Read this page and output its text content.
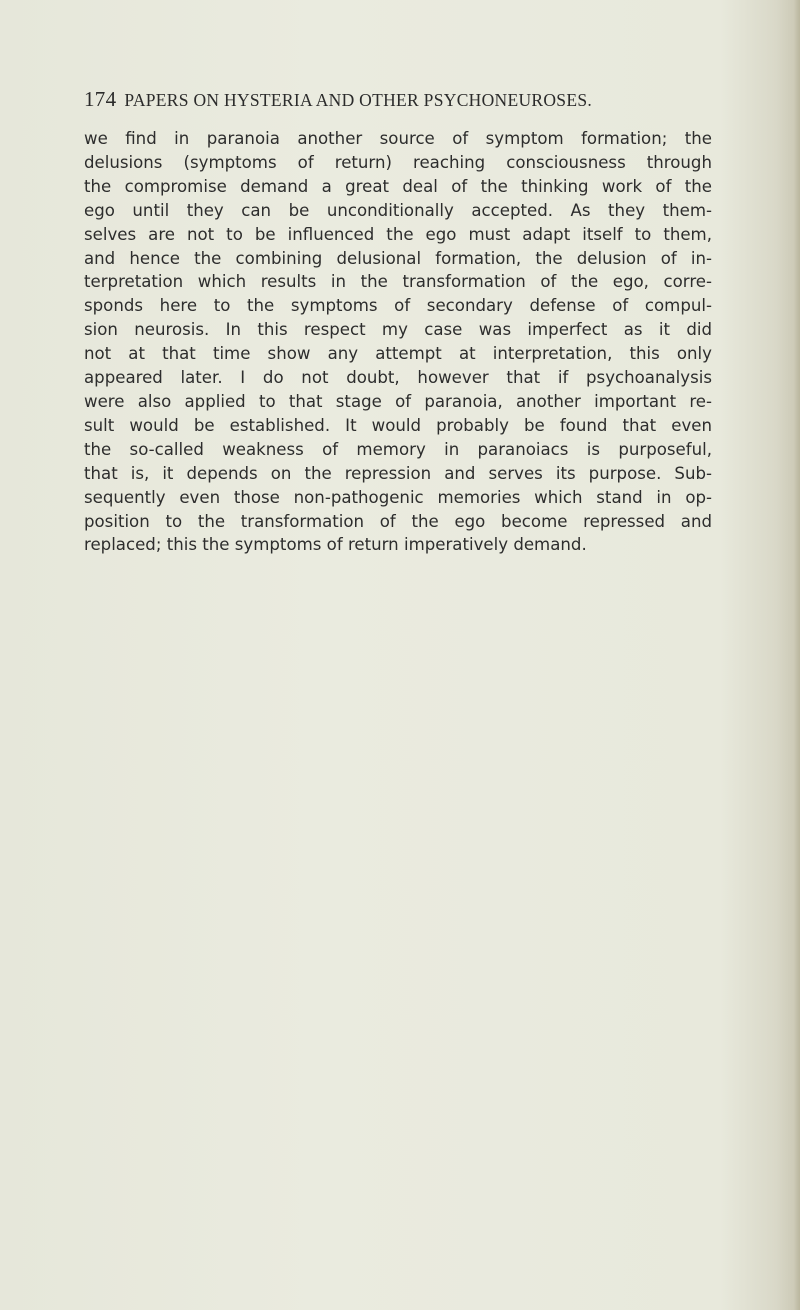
174 PAPERS ON HYSTERIA AND OTHER PSYCHONEUROSES.
we find in paranoia another source of symptom formation; the
delusions (symptoms of return) reaching consciousness through
the compromise demand a great deal of the thinking work of the
ego until they can be unconditionally accepted. As they them-
selves are not to be influenced the ego must adapt itself to them,
and hence the combining delusional formation, the delusion of in-
terpretation which results in the transformation of the ego, corre-
sponds here to the symptoms of secondary defense of compul-
sion neurosis. In this respect my case was imperfect as it did
not at that time show any attempt at interpretation, this only
appeared later. I do not doubt, however that if psychoanalysis
were also applied to that stage of paranoia, another important re-
sult would be established. It would probably be found that even
the so-called weakness of memory in paranoiacs is purposeful,
that is, it depends on the repression and serves its purpose. Sub-
sequently even those non-pathogenic memories which stand in op-
position to the transformation of the ego become repressed and
replaced; this the symptoms of return imperatively demand.
